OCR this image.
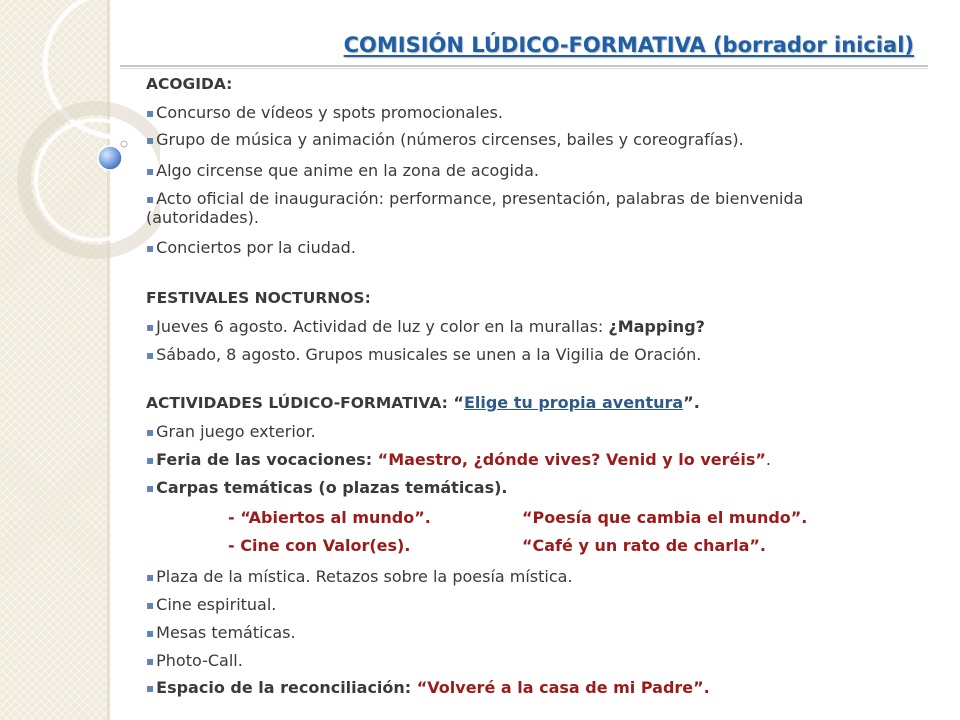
COMISIÓN LÚDICO-FORMATIVA (borrador inicial)
ACOGIDA:
▪ Concurso de vídeos y spots promocionales.
▪ Grupo de música y animación (números circenses, bailes y coreografías).
▪ Algo circense que anime en la zona de acogida.
▪ Acto oficial de inauguración: performance, presentación, palabras de bienvenida
(autoridades).
▪ Conciertos por la ciudad.
FESTIVALES NOCTURNOS:
▪ Jueves 6 agosto. Actividad de luz y color en la murallas: ¿Mapping?
▪ Sábado, 8 agosto. Grupos musicales se unen a la Vigilia de Oración.
ACTIVIDADES LÚDICO-FORMATIVA: “Elige tu propia aventura”.
▪ Gran juego exterior.
▪ Feria de las vocaciones: “Maestro, ¿dónde vives? Venid y lo veréis”.
▪ Carpas temáticas (o plazas temáticas).
- “Abiertos al mundo”.	“Poesía que cambia el mundo”.
- Cine con Valor(es).	“Café y un rato de charla”.
▪ Plaza de la mística. Retazos sobre la poesía mística.
▪ Cine espiritual.
▪ Mesas temáticas.
▪ Photo-Call.
▪ Espacio de la reconciliación: “Volveré a la casa de mi Padre”.
